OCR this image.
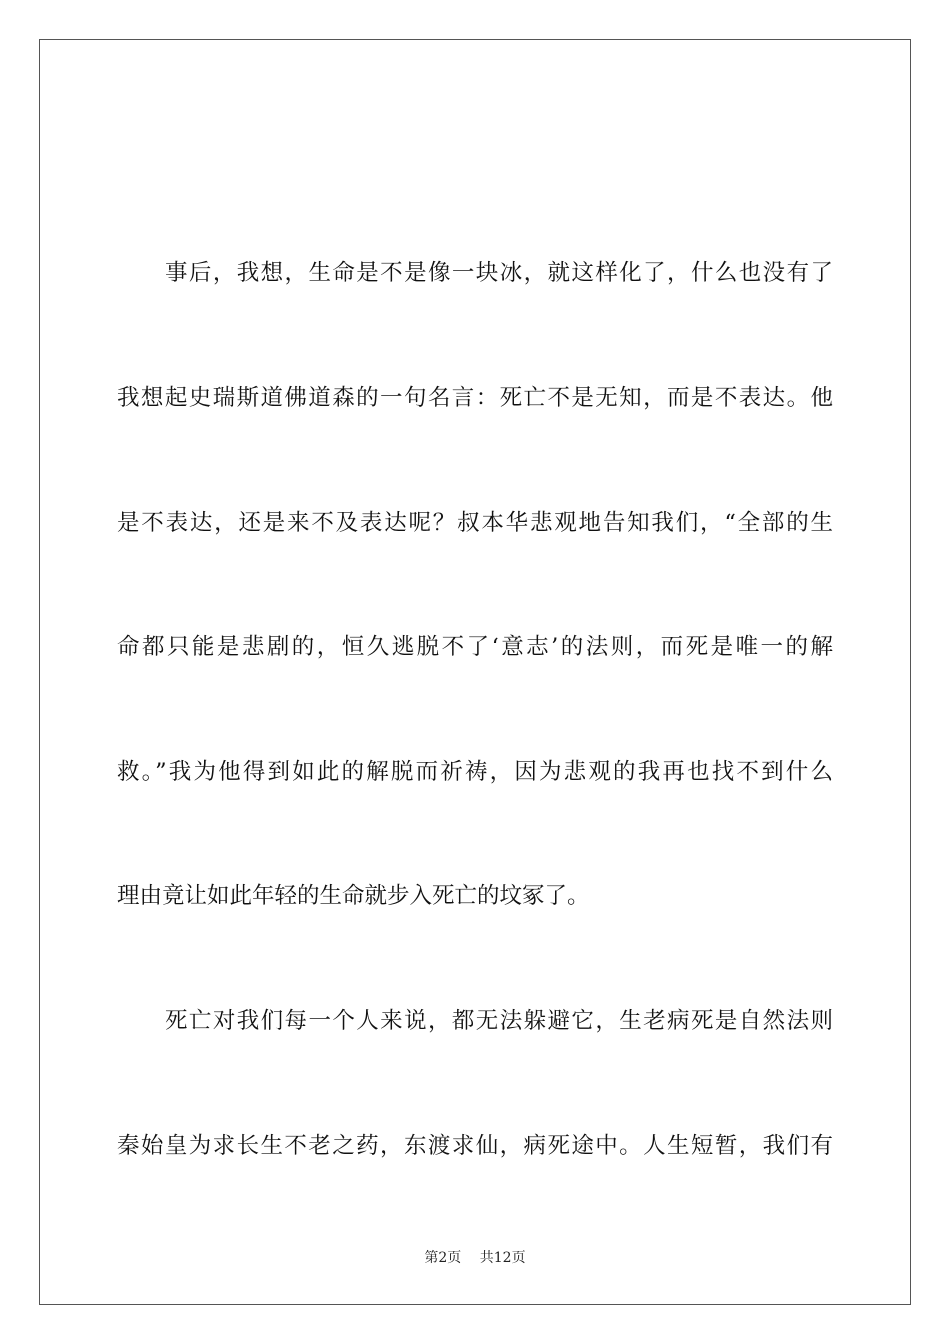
事后，我想，生命是不是像一块冰，就这样化了，什么也没有了
我想起史瑞斯道佛道森的一句名言：死亡不是无知，而是不表达。他
是不表达，还是来不及表达呢？叔本华悲观地告知我们，“全部的生
命都只能是悲剧的，恒久逃脱不了‘意志’的法则，而死是唯一的解
救。”我为他得到如此的解脱而祈祷，因为悲观的我再也找不到什么
理由竟让如此年轻的生命就步入死亡的坟冢了。
死亡对我们每一个人来说，都无法躲避它，生老病死是自然法则
秦始皇为求长生不老之药，东渡求仙，病死途中。人生短暂，我们有
第2页 共12页
